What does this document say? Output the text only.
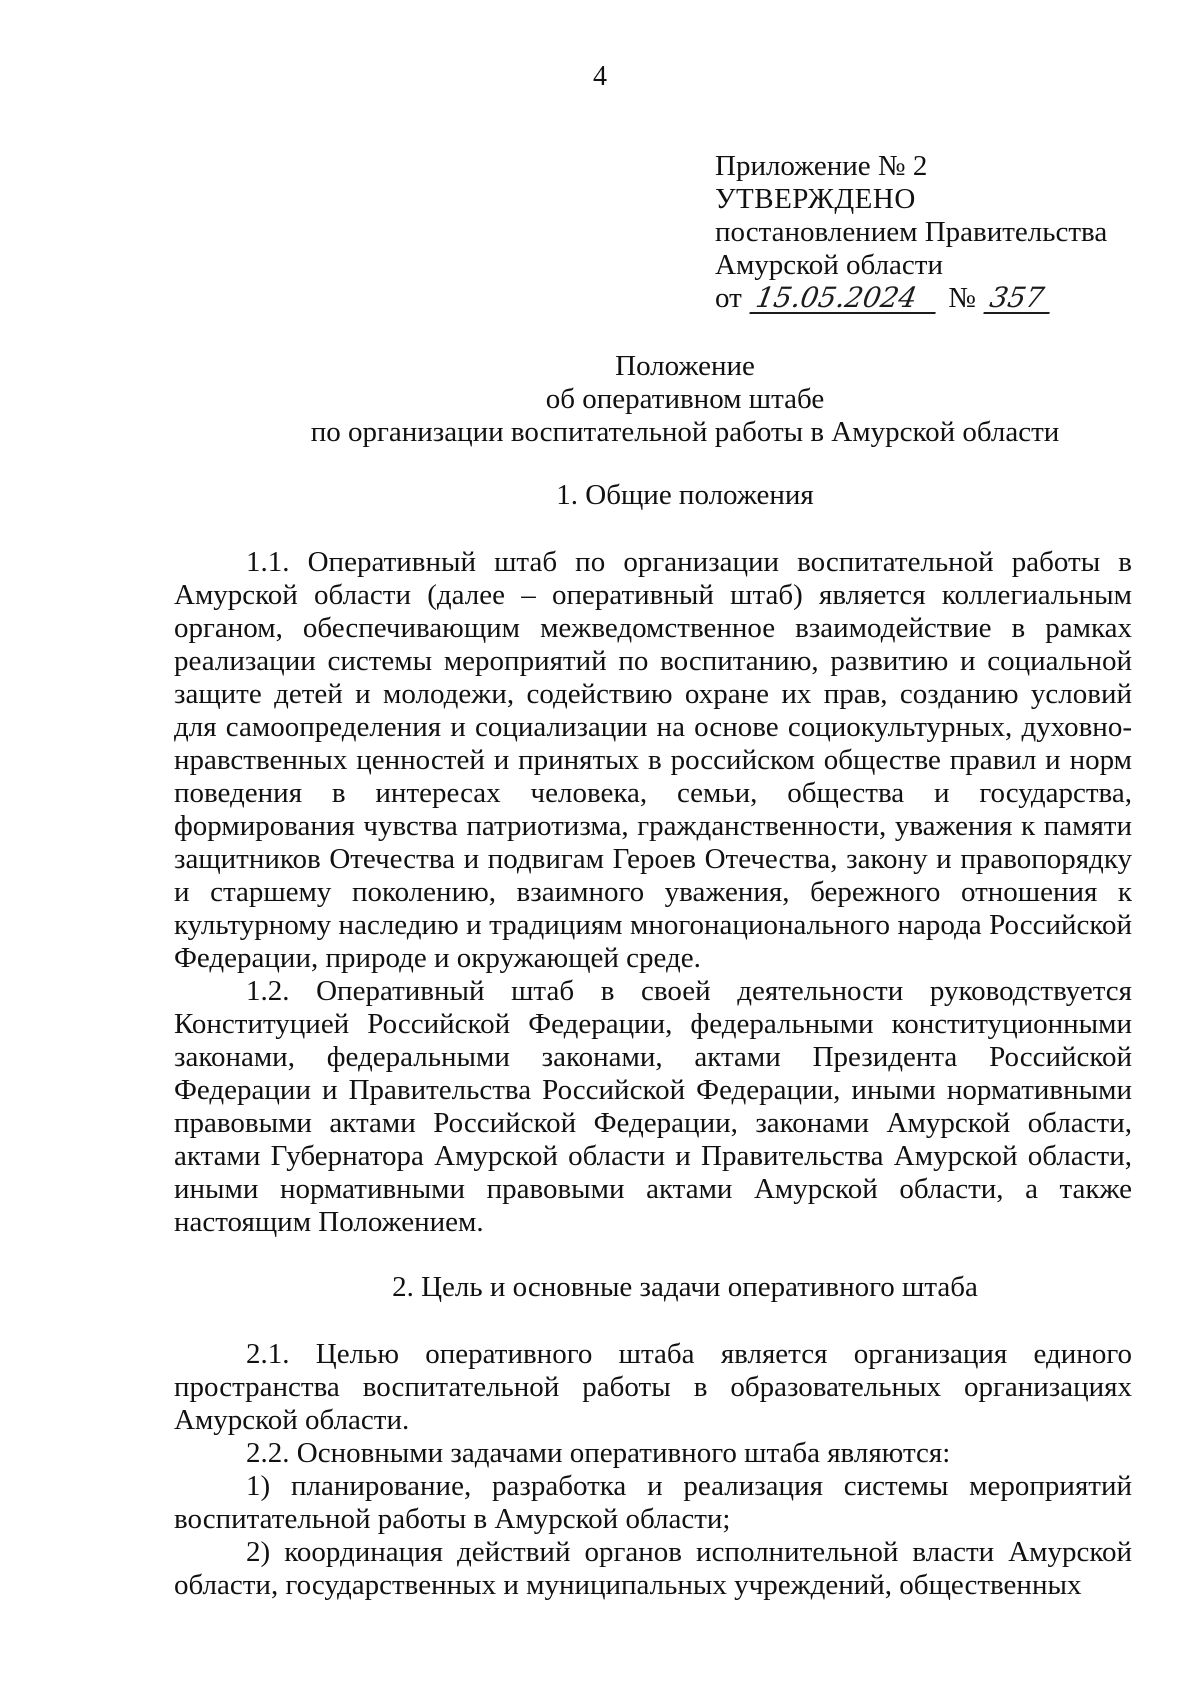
4
Приложение № 2
УТВЕРЖДЕНО
постановлением Правительства
Амурской области
от 15.05.2024 № 357
Положение
об оперативном штабе
по организации воспитательной работы в Амурской области
1. Общие положения
1.1. Оперативный штаб по организации воспитательной работы в Амурской области (далее – оперативный штаб) является коллегиальным органом, обеспечивающим межведомственное взаимодействие в рамках реализации системы мероприятий по воспитанию, развитию и социальной защите детей и молодежи, содействию охране их прав, созданию условий для самоопределения и социализации на основе социокультурных, духовно-нравственных ценностей и принятых в российском обществе правил и норм поведения в интересах человека, семьи, общества и государства, формирования чувства патриотизма, гражданственности, уважения к памяти защитников Отечества и подвигам Героев Отечества, закону и правопорядку и старшему поколению, взаимного уважения, бережного отношения к культурному наследию и традициям многонационального народа Российской Федерации, природе и окружающей среде.
1.2. Оперативный штаб в своей деятельности руководствуется Конституцией Российской Федерации, федеральными конституционными законами, федеральными законами, актами Президента Российской Федерации и Правительства Российской Федерации, иными нормативными правовыми актами Российской Федерации, законами Амурской области, актами Губернатора Амурской области и Правительства Амурской области, иными нормативными правовыми актами Амурской области, а также настоящим Положением.
2. Цель и основные задачи оперативного штаба
2.1. Целью оперативного штаба является организация единого пространства воспитательной работы в образовательных организациях Амурской области.
2.2. Основными задачами оперативного штаба являются:
1) планирование, разработка и реализация системы мероприятий воспитательной работы в Амурской области;
2) координация действий органов исполнительной власти Амурской области, государственных и муниципальных учреждений, общественных
